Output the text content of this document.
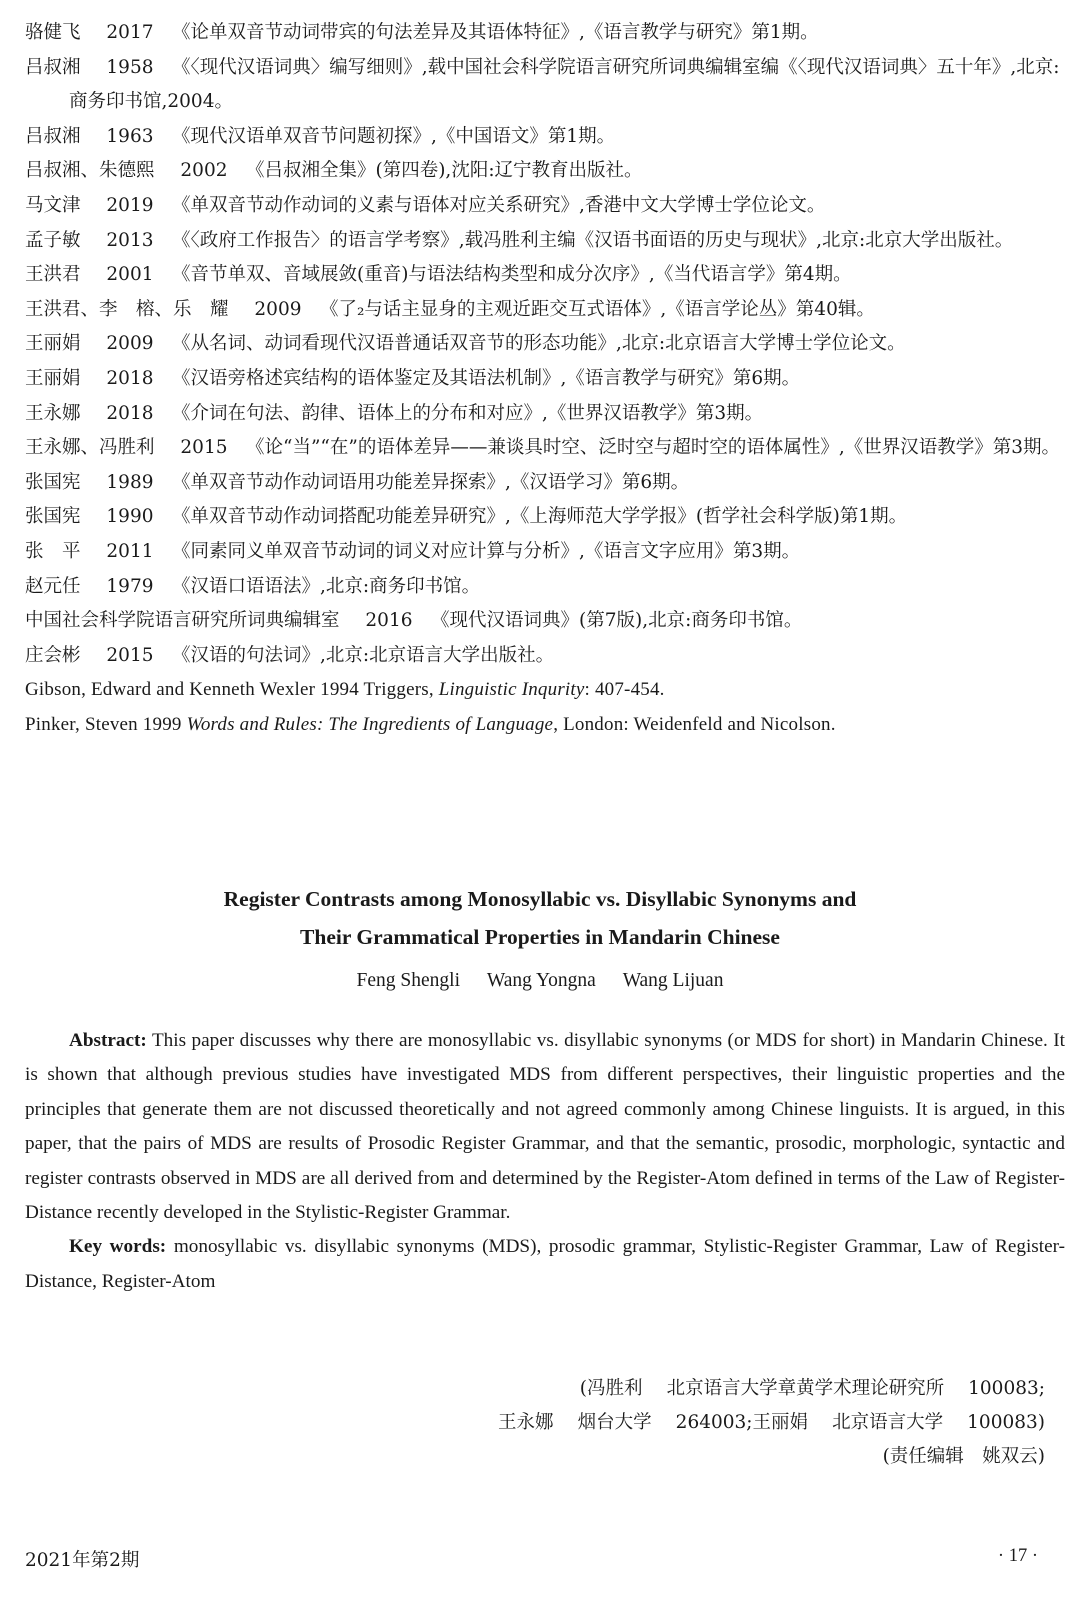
骆健飞 2017 《论单双音节动词带宾的句法差异及其语体特征》,《语言教学与研究》第1期。
吕叔湘 1958 《〈现代汉语词典〉编写细则》,载中国社会科学院语言研究所词典编辑室编《〈现代汉语词典〉五十年》,北京:商务印书馆,2004。
吕叔湘 1963 《现代汉语单双音节问题初探》,《中国语文》第1期。
吕叔湘、朱德熙 2002 《吕叔湘全集》(第四卷),沈阳:辽宁教育出版社。
马文津 2019 《单双音节动作动词的义素与语体对应关系研究》,香港中文大学博士学位论文。
孟子敏 2013 《〈政府工作报告〉的语言学考察》,载冯胜利主编《汉语书面语的历史与现状》,北京:北京大学出版社。
王洪君 2001 《音节单双、音域展敛(重音)与语法结构类型和成分次序》,《当代语言学》第4期。
王洪君、李　榕、乐　耀 2009 《了₂与话主显身的主观近距交互式语体》,《语言学论丛》第40辑。
王丽娟 2009 《从名词、动词看现代汉语普通话双音节的形态功能》,北京:北京语言大学博士学位论文。
王丽娟 2018 《汉语旁格述宾结构的语体鉴定及其语法机制》,《语言教学与研究》第6期。
王永娜 2018 《介词在句法、韵律、语体上的分布和对应》,《世界汉语教学》第3期。
王永娜、冯胜利 2015 《论“当”“在”的语体差异——兼谈具时空、泛时空与超时空的语体属性》,《世界汉语教学》第3期。
张国宪 1989 《单双音节动作动词语用功能差异探索》,《汉语学习》第6期。
张国宪 1990 《单双音节动作动词搭配功能差异研究》,《上海师范大学学报》(哲学社会科学版)第1期。
张　平 2011 《同素同义单双音节动词的词义对应计算与分析》,《语言文字应用》第3期。
赵元任 1979 《汉语口语语法》,北京:商务印书馆。
中国社会科学院语言研究所词典编辑室 2016 《现代汉语词典》(第7版),北京:商务印书馆。
庄会彬 2015 《汉语的句法词》,北京:北京语言大学出版社。
Gibson, Edward and Kenneth Wexler 1994 Triggers, Linguistic Inqurity: 407-454.
Pinker, Steven 1999 Words and Rules: The Ingredients of Language, London: Weidenfeld and Nicolson.
Register Contrasts among Monosyllabic vs. Disyllabic Synonyms and
Their Grammatical Properties in Mandarin Chinese
Feng Shengli Wang Yongna Wang Lijuan

Abstract: This paper discusses why there are monosyllabic vs. disyllabic synonyms (or MDS for short) in Mandarin Chinese. It is shown that although previous studies have investigated MDS from different perspectives, their linguistic properties and the principles that generate them are not discussed theoretically and not agreed commonly among Chinese linguists. It is argued, in this paper, that the pairs of MDS are results of Prosodic Register Grammar, and that the semantic, prosodic, morphologic, syntactic and register contrasts observed in MDS are all derived from and determined by the Register-Atom defined in terms of the Law of Register-Distance recently developed in the Stylistic-Register Grammar.

Key words: monosyllabic vs. disyllabic synonyms (MDS), prosodic grammar, Stylistic-Register Grammar, Law of Register-Distance, Register-Atom

(冯胜利 北京语言大学章黄学术理论研究所 100083;
王永娜 烟台大学 264003;王丽娟 北京语言大学 100083)
(责任编辑　姚双云)
2021年第2期	· 17 ·
